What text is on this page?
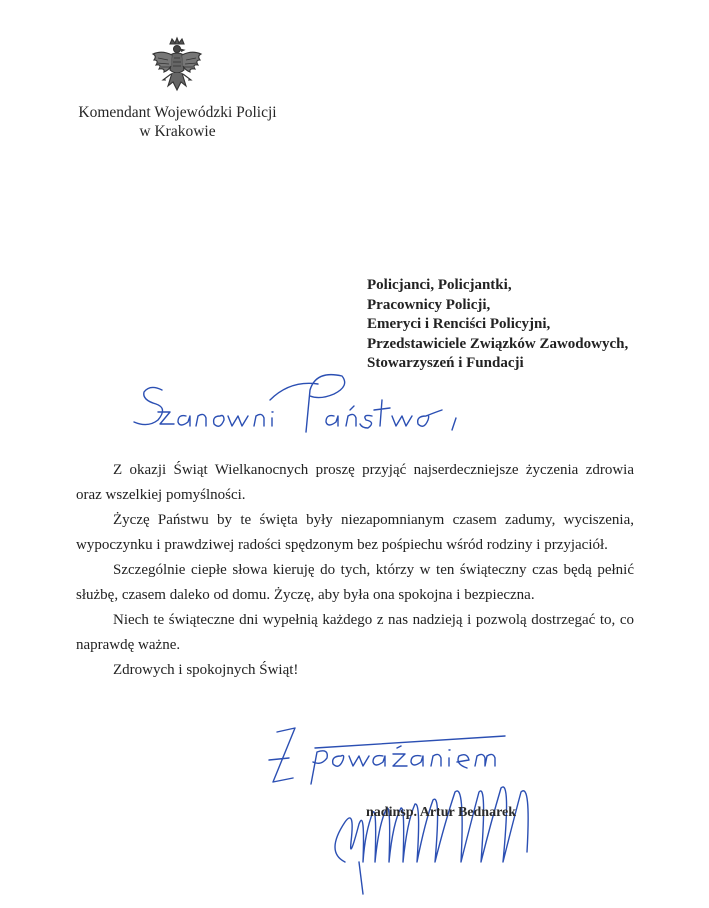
Komendant Wojewódzki Policji
w Krakowie
Policjanci, Policjantki,
Pracownicy Policji,
Emeryci i Renciści Policyjni,
Przedstawiciele Związków Zawodowych,
Stowarzyszeń i Fundacji

Z okazji Świąt Wielkanocnych proszę przyjąć najserdeczniejsze życzenia zdrowia oraz wszelkiej pomyślności.

Życzę Państwu by te święta były niezapomnianym czasem zadumy, wyciszenia, wypoczynku i prawdziwej radości spędzonym bez pośpiechu wśród rodziny i przyjaciół.

Szczególnie ciepłe słowa kieruję do tych, którzy w ten świąteczny czas będą pełnić służbę, czasem daleko od domu. Życzę, aby była ona spokojna i bezpieczna.

Niech te świąteczne dni wypełnią każdego z nas nadzieją i pozwolą dostrzegać to, co naprawdę ważne.

Zdrowych i spokojnych Świąt!

nadinsp. Artur Bednarek
